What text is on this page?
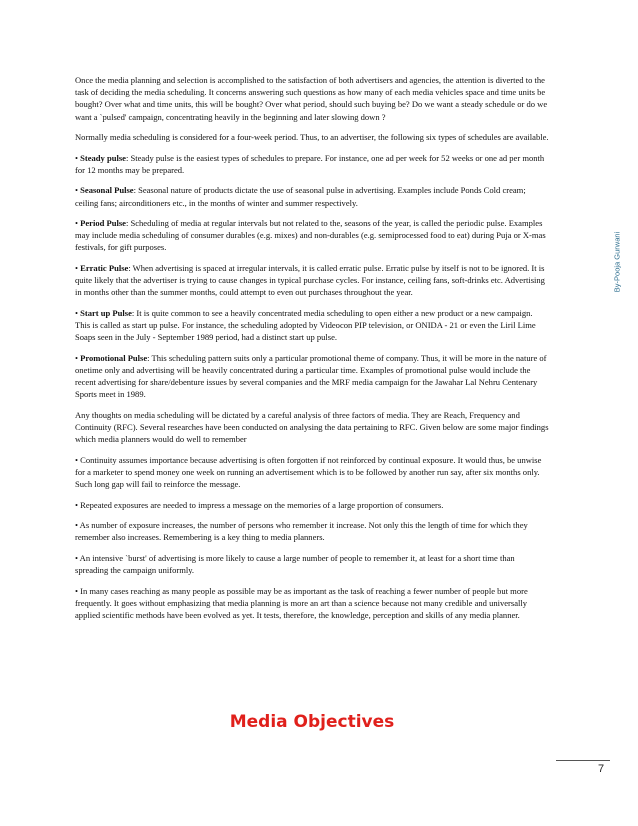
By-Pooja Gurwani

Once the media planning and selection is accomplished to the satisfaction of both advertisers and agencies, the attention is diverted to the task of deciding the media scheduling. It concerns answering such questions as how many of each media vehicles space and time units be bought? Over what and time units, this will be bought? Over what period, should such buying be? Do we want a steady schedule or do we want a `pulsed' campaign, concentrating heavily in the beginning and later slowing down ?

Normally media scheduling is considered for a four-week period. Thus, to an advertiser, the following six types of schedules are available.

• Steady pulse: Steady pulse is the easiest types of schedules to prepare. For instance, one ad per week for 52 weeks or one ad per month for 12 months may be prepared.

• Seasonal Pulse: Seasonal nature of products dictate the use of seasonal pulse in advertising. Examples include Ponds Cold cream; ceiling fans; airconditioners etc., in the months of winter and summer respectively.

• Period Pulse: Scheduling of media at regular intervals but not related to the, seasons of the year, is called the periodic pulse. Examples may include media scheduling of consumer durables (e.g. mixes) and non-durables (e.g. semiprocessed food to eat) during Puja or X-mas festivals, for gift purposes.

• Erratic Pulse: When advertising is spaced at irregular intervals, it is called erratic pulse. Erratic pulse by itself is not to be ignored. It is quite likely that the advertiser is trying to cause changes in typical purchase cycles. For instance, ceiling fans, soft-drinks etc. Advertising in months other than the summer months, could attempt to even out purchases throughout the year.

• Start up Pulse: It is quite common to see a heavily concentrated media scheduling to open either a new product or a new campaign. This is called as start up pulse. For instance, the scheduling adopted by Videocon PIP television, or ONIDA - 21 or even the Liril Lime Soaps seen in the July - September 1989 period, had a distinct start up pulse.

• Promotional Pulse: This scheduling pattern suits only a particular promotional theme of company. Thus, it will be more in the nature of onetime only and advertising will be heavily concentrated during a particular time. Examples of promotional pulse would include the recent advertising for share/debenture issues by several companies and the MRF media campaign for the Jawahar Lal Nehru Centenary Sports meet in 1989.

Any thoughts on media scheduling will be dictated by a careful analysis of three factors of media. They are Reach, Frequency and Continuity (RFC). Several researches have been conducted on analysing the data pertaining to RFC. Given below are some major findings which media planners would do well to remember

• Continuity assumes importance because advertising is often forgotten if not reinforced by continual exposure. It would thus, be unwise for a marketer to spend money one week on running an advertisement which is to be followed by another run say, after six months only. Such long gap will fail to reinforce the message.

• Repeated exposures are needed to impress a message on the memories of a large proportion of consumers.

• As number of exposure increases, the number of persons who remember it increase. Not only this the length of time for which they remember also increases. Remembering is a key thing to media planners.

• An intensive `burst' of advertising is more likely to cause a large number of people to remember it, at least for a short time than spreading the campaign uniformly.

• In many cases reaching as many people as possible may be as important as the task of reaching a fewer number of people but more frequently. It goes without emphasizing that media planning is more an art than a science because not many credible and universally applied scientific methods have been evolved as yet. It tests, therefore, the knowledge, perception and skills of any media planner.

Media Objectives
7
